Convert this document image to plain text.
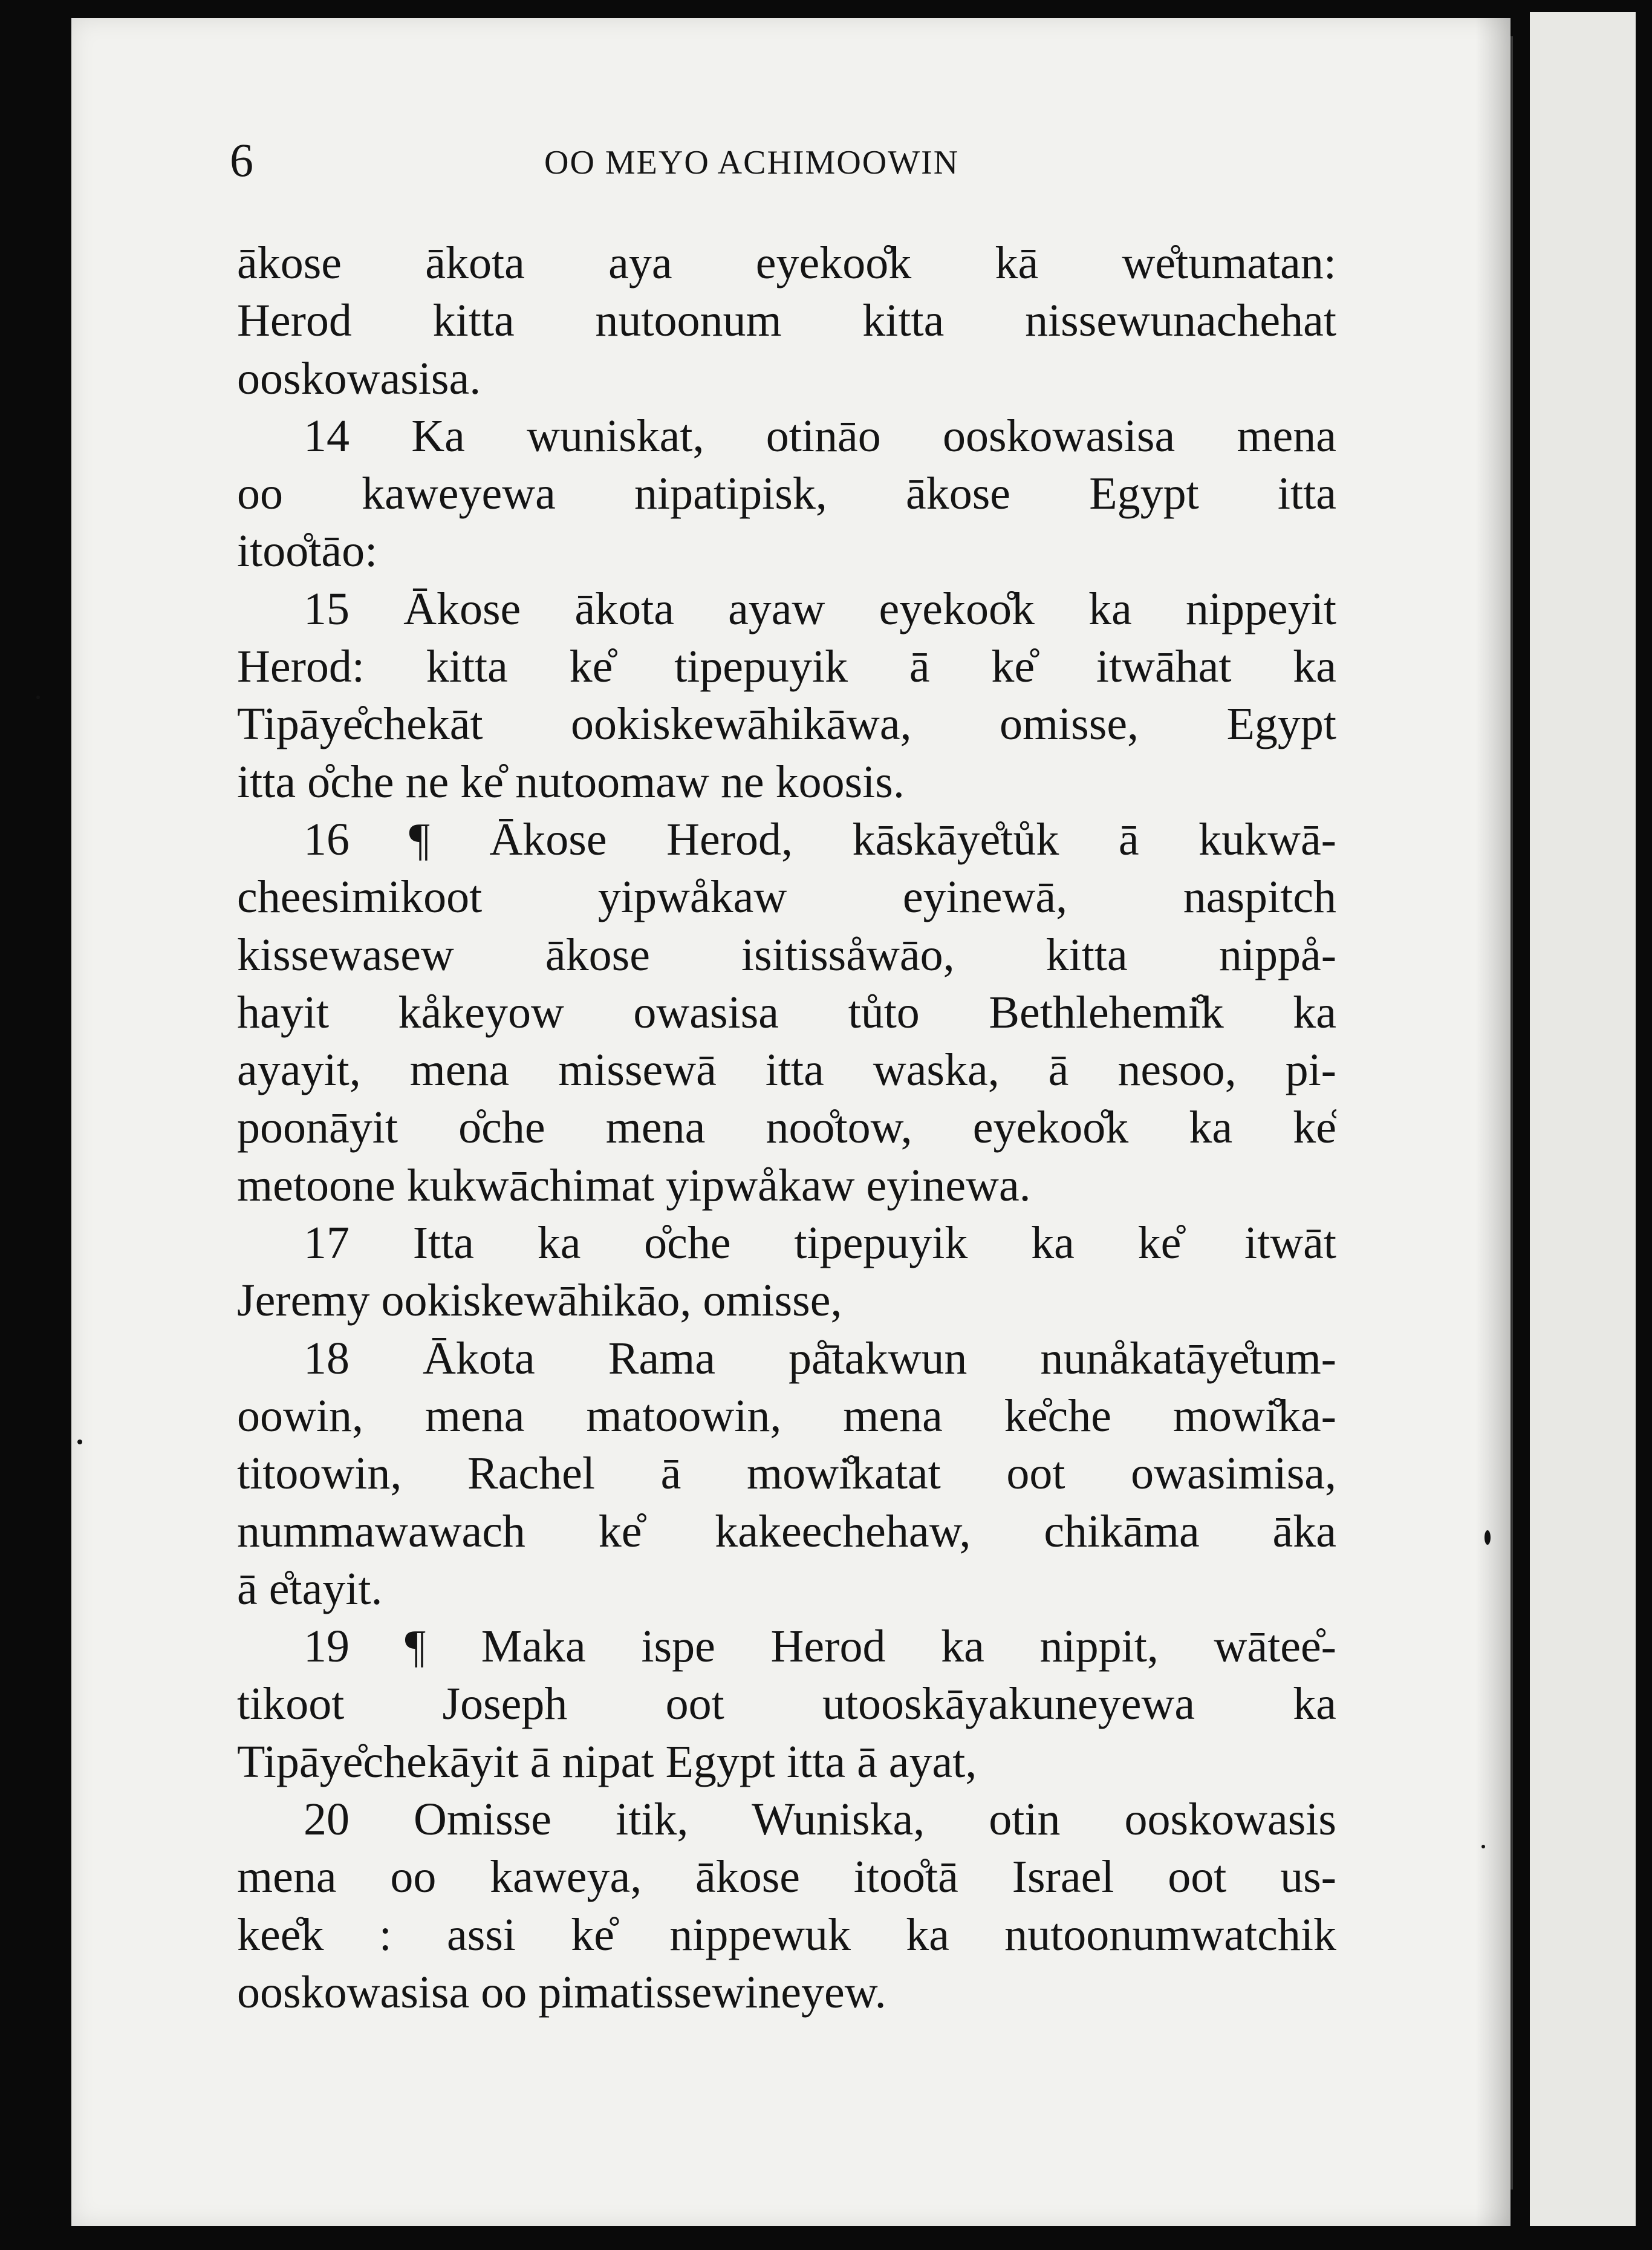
6	OO MEYO ACHIMOOWIN
ākose ākota aya eyekoo̊k kā we̊tumatan:
Herod kitta nutoonum kitta nissewunachehat
ooskowasisa.
14 Ka wuniskat, otināo ooskowasisa mena
oo kaweyewa nipatipisk, ākose Egypt itta
itoo̊tāo:
15 Ākose ākota ayaw eyekoo̊k ka nippeyit
Herod: kitta ke̊ tipepuyik ā ke̊ itwāhat ka
Tipāye̊chekāt ookiskewāhikāwa, omisse, Egypt
itta o̊che ne ke̊ nutoomaw ne koosis.
16 ¶ Ākose Herod, kāskāye̊tůk ā kukwā-
cheesimikoot yipwåkaw eyinewā, naspitch
kissewasew ākose isitissåwāo, kitta nippå-
hayit kåkeyow owasisa tůto Bethlehemi̊k ka
ayayit, mena missewā itta waska, ā nesoo, pi-
poonāyit o̊che mena noo̊tow, eyekoo̊k ka ke̊
metoone kukwāchimat yipwåkaw eyinewa.
17 Itta ka o̊che tipepuyik ka ke̊ itwāt
Jeremy ookiskewāhikāo, omisse,
18 Ākota Rama på̄takwun nunåkatāye̊tum-
oowin, mena matoowin, mena ke̊che mowi̊ka-
titoowin, Rachel ā mowi̊katat oot owasimisa,
nummawawach ke̊ kakeechehaw, chikāma āka
ā e̊tayit.
19 ¶ Maka ispe Herod ka nippit, wātee̊-
tikoot Joseph oot utooskāyakuneyewa ka
Tipāye̊chekāyit ā nipat Egypt itta ā ayat,
20 Omisse itik, Wuniska, otin ooskowasis
mena oo kaweya, ākose itoo̊tā Israel oot us-
kee̊k : assi ke̊ nippewuk ka nutoonumwatchik
ooskowasisa oo pimatissewineyew.
